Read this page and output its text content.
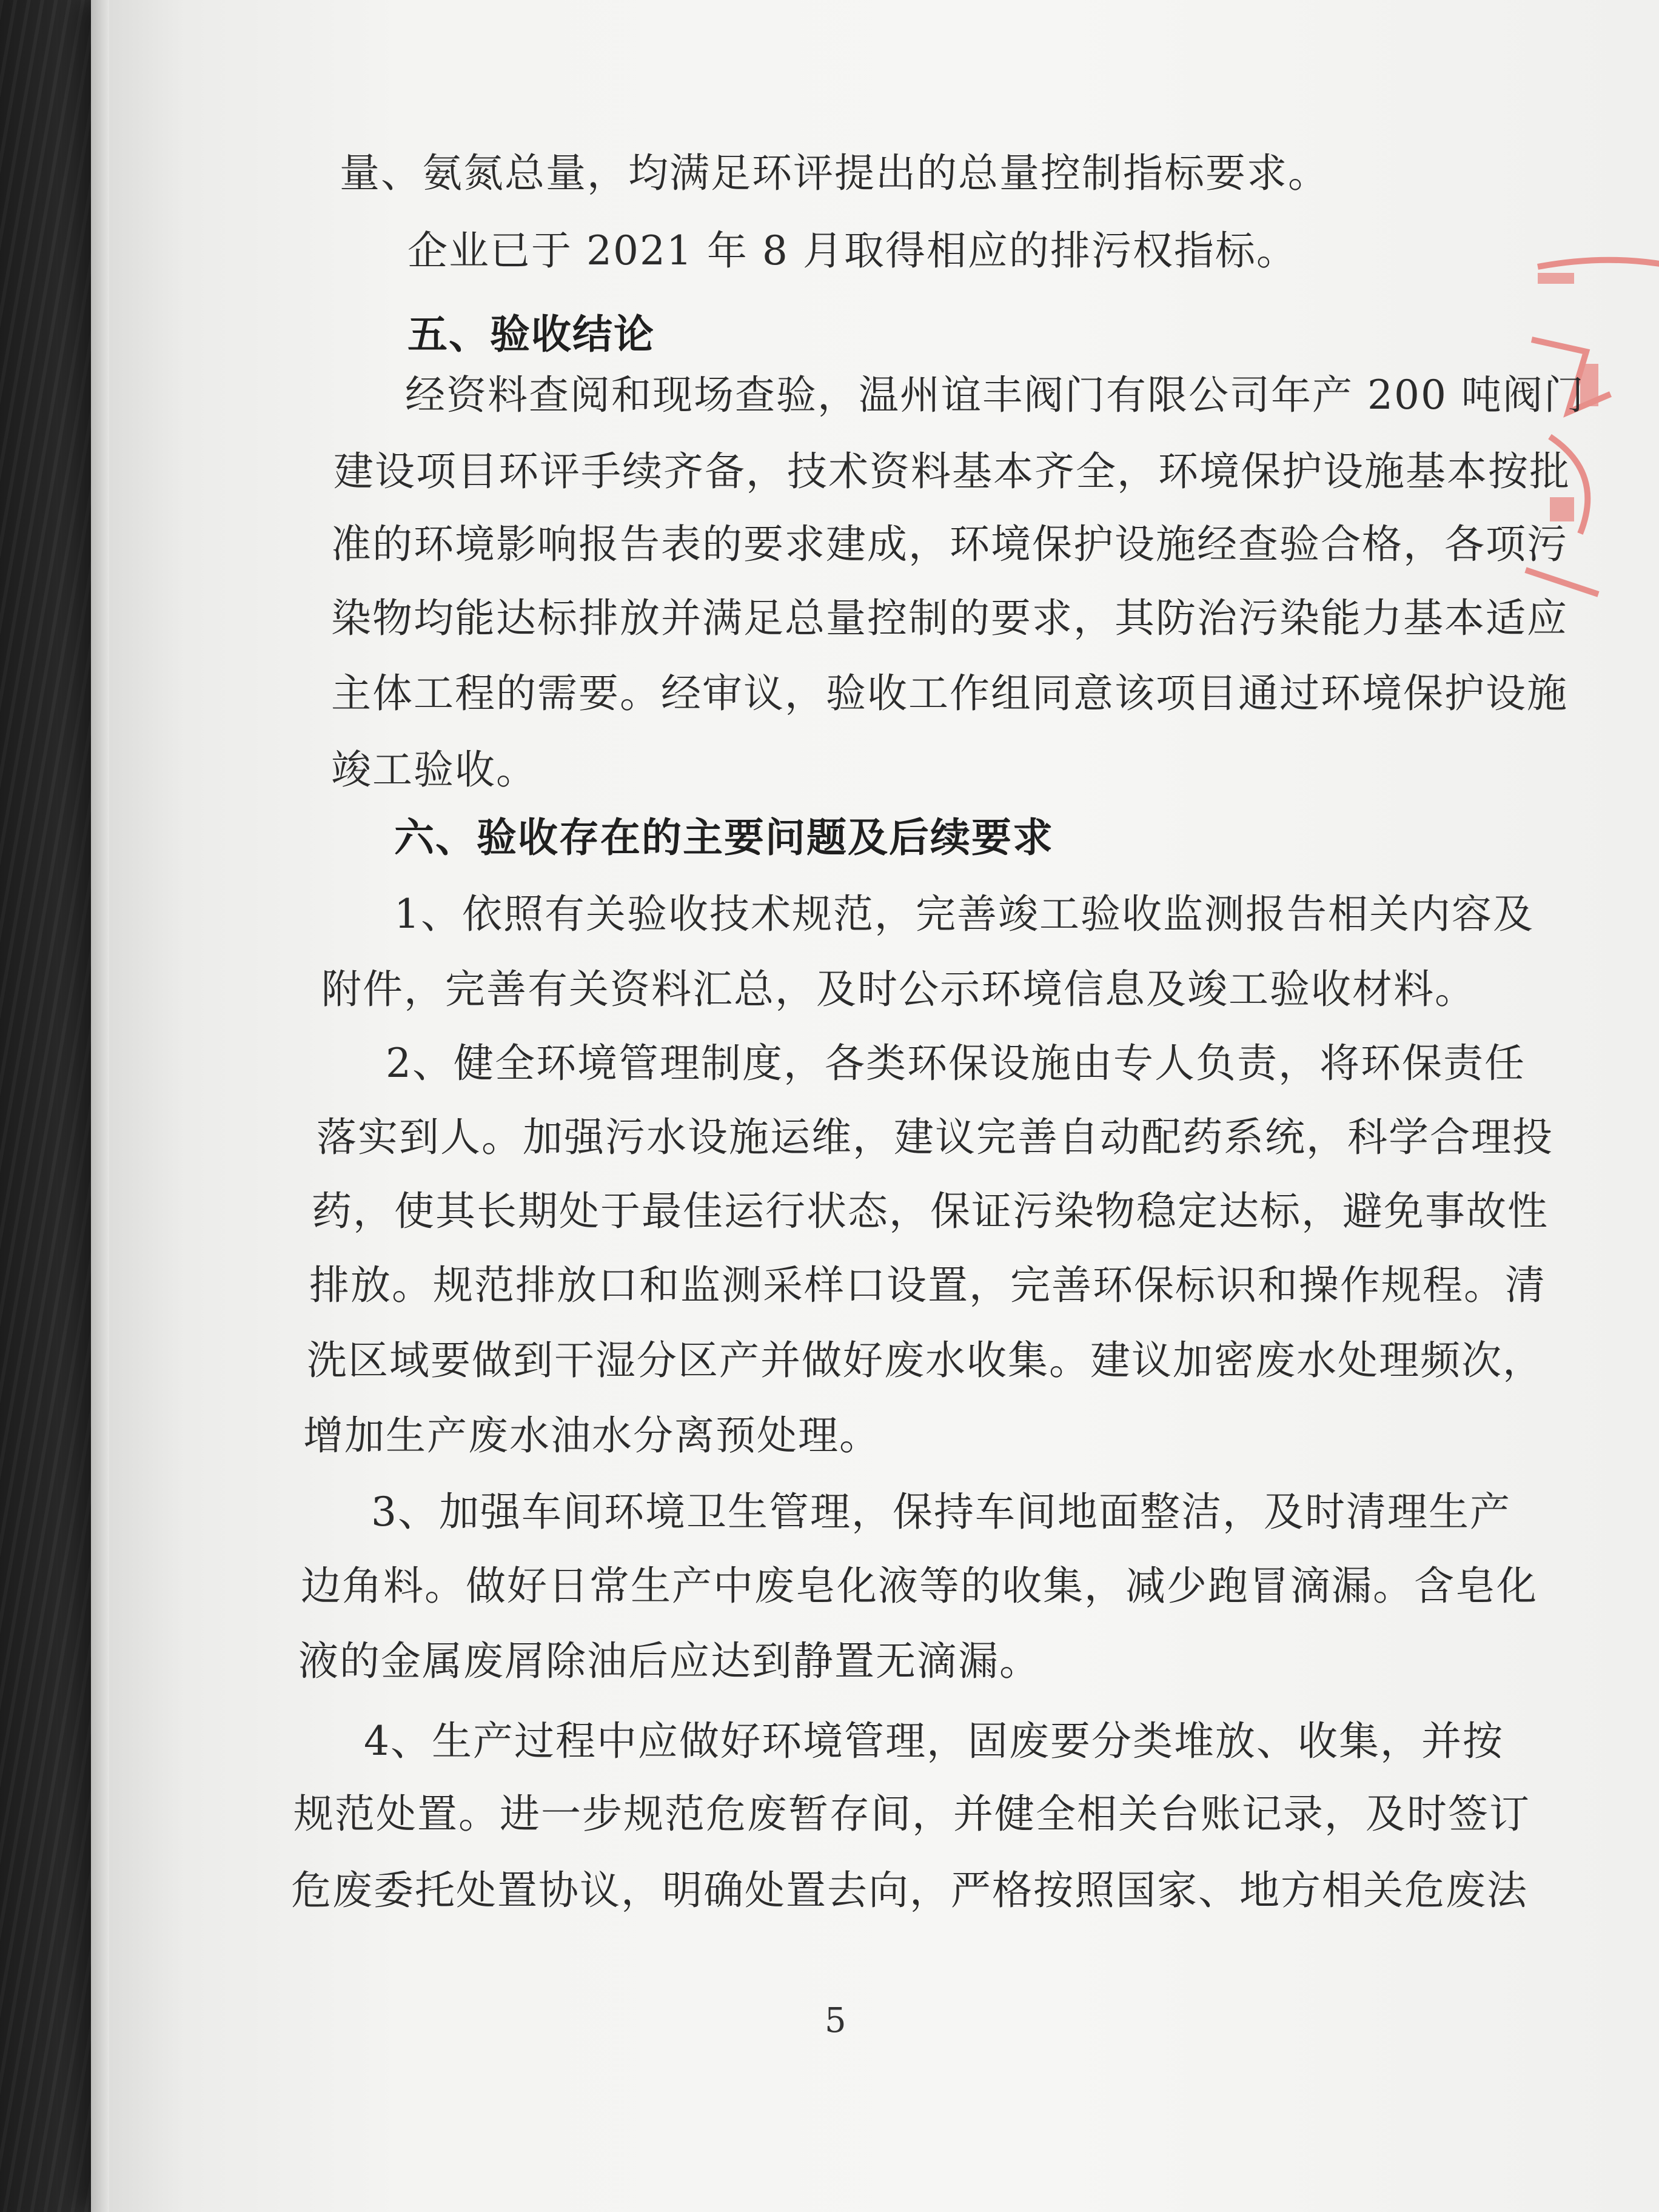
量、氨氮总量，均满足环评提出的总量控制指标要求。
企业已于 2021 年 8 月取得相应的排污权指标。
五、验收结论
经资料查阅和现场查验，温州谊丰阀门有限公司年产 200 吨阀门
建设项目环评手续齐备，技术资料基本齐全，环境保护设施基本按批
准的环境影响报告表的要求建成，环境保护设施经查验合格，各项污
染物均能达标排放并满足总量控制的要求，其防治污染能力基本适应
主体工程的需要。经审议，验收工作组同意该项目通过环境保护设施
竣工验收。
六、验收存在的主要问题及后续要求
1、依照有关验收技术规范，完善竣工验收监测报告相关内容及
附件，完善有关资料汇总，及时公示环境信息及竣工验收材料。
2、健全环境管理制度，各类环保设施由专人负责，将环保责任
落实到人。加强污水设施运维，建议完善自动配药系统，科学合理投
药，使其长期处于最佳运行状态，保证污染物稳定达标，避免事故性
排放。规范排放口和监测采样口设置，完善环保标识和操作规程。清
洗区域要做到干湿分区产并做好废水收集。建议加密废水处理频次，
增加生产废水油水分离预处理。
3、加强车间环境卫生管理，保持车间地面整洁，及时清理生产
边角料。做好日常生产中废皂化液等的收集，减少跑冒滴漏。含皂化
液的金属废屑除油后应达到静置无滴漏。
4、生产过程中应做好环境管理，固废要分类堆放、收集，并按
规范处置。进一步规范危废暂存间，并健全相关台账记录，及时签订
危废委托处置协议，明确处置去向，严格按照国家、地方相关危废法
5
